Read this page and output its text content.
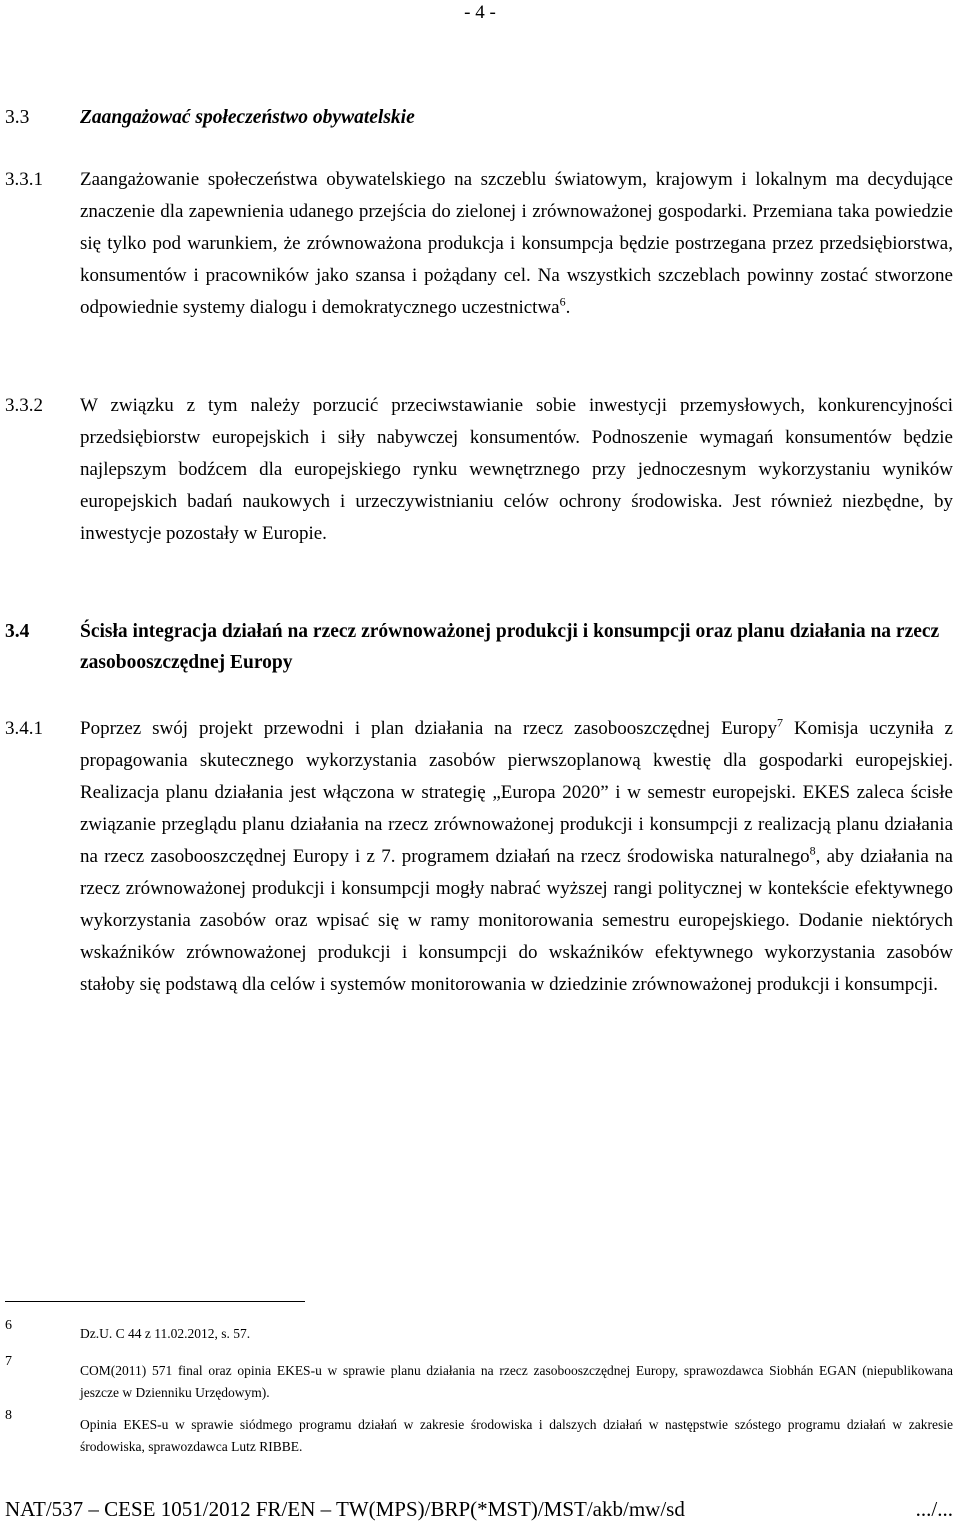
- 4 -
3.3	Zaangażować społeczeństwo obywatelskie
3.3.1 Zaangażowanie społeczeństwa obywatelskiego na szczeblu światowym, krajowym i lokalnym ma decydujące znaczenie dla zapewnienia udanego przejścia do zielonej i zrównoważonej gospodarki. Przemiana taka powiedzie się tylko pod warunkiem, że zrównoważona produkcja i konsumpcja będzie postrzegana przez przedsiębiorstwa, konsumentów i pracowników jako szansa i pożądany cel. Na wszystkich szczeblach powinny zostać stworzone odpowiednie systemy dialogu i demokratycznego uczestnictwa$^6$.

3.3.2 W związku z tym należy porzucić przeciwstawianie sobie inwestycji przemysłowych, konkurencyjności przedsiębiorstw europejskich i siły nabywczej konsumentów. Podnoszenie wymagań konsumentów będzie najlepszym bodźcem dla europejskiego rynku wewnętrznego przy jednoczesnym wykorzystaniu wyników europejskich badań naukowych i urzeczywistnianiu celów ochrony środowiska. Jest również niezbędne, by inwestycje pozostały w Europie.

3.4	Ścisła integracja działań na rzecz zrównoważonej produkcji i konsumpcji oraz planu działania na rzecz zasobooszczędnej Europy
3.4.1 Poprzez swój projekt przewodni i plan działania na rzecz zasobooszczędnej Europy$^7$ Komisja uczyniła z propagowania skutecznego wykorzystania zasobów pierwszoplanową kwestię dla gospodarki europejskiej. Realizacja planu działania jest włączona w strategię „Europa 2020” i w semestr europejski. EKES zaleca ścisłe związanie przeglądu planu działania na rzecz zrównoważonej produkcji i konsumpcji z realizacją planu działania na rzecz zasobooszczędnej Europy i z 7. programem działań na rzecz środowiska naturalnego$^8$, aby działania na rzecz zrównoważonej produkcji i konsumpcji mogły nabrać wyższej rangi politycznej w kontekście efektywnego wykorzystania zasobów oraz wpisać się w ramy monitorowania semestru europejskiego. Dodanie niektórych wskaźników zrównoważonej produkcji i konsumpcji do wskaźników efektywnego wykorzystania zasobów stałoby się podstawą dla celów i systemów monitorowania w dziedzinie zrównoważonej produkcji i konsumpcji.

6

Dz.U. C 44 z 11.02.2012, s. 57.

7

COM(2011) 571 final oraz opinia EKES-u w sprawie planu działania na rzecz zasobooszczędnej Europy, sprawozdawca Siobhán EGAN (niepublikowana jeszcze w Dzienniku Urzędowym).

8

Opinia EKES-u w sprawie siódmego programu działań w zakresie środowiska i dalszych działań w następstwie szóstego programu działań w zakresie środowiska, sprawozdawca Lutz RIBBE.

NAT/537 – CESE 1051/2012 FR/EN – TW(MPS)/BRP(*MST)/MST/akb/mw/sd	.../...
